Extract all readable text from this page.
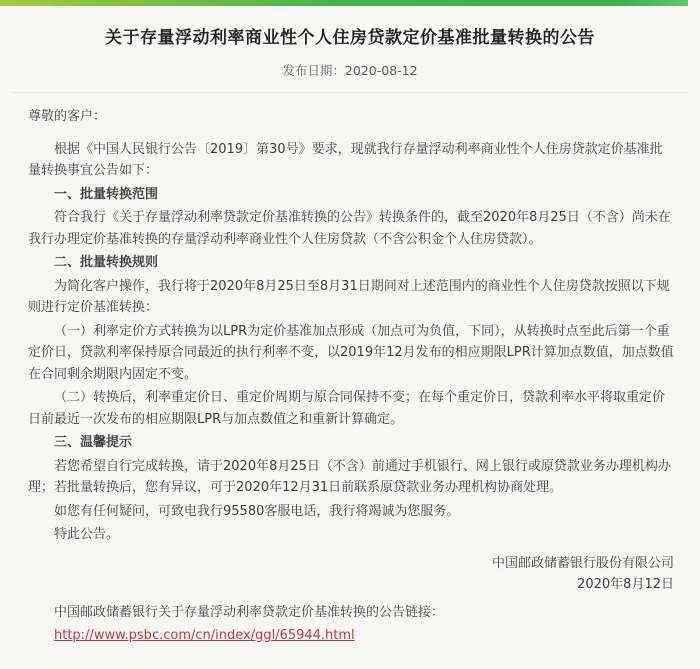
关于存量浮动利率商业性个人住房贷款定价基准批量转换的公告
发布日期：2020-08-12

尊敬的客户：

根据《中国人民银行公告〔2019〕第30号》要求，现就我行存量浮动利率商业性个人住房贷款定价基准批量转换事宜公告如下：

一、批量转换范围

符合我行《关于存量浮动利率贷款定价基准转换的公告》转换条件的，截至2020年8月25日（不含）尚未在我行办理定价基准转换的存量浮动利率商业性个人住房贷款（不含公积金个人住房贷款）。

二、批量转换规则

为简化客户操作，我行将于2020年8月25日至8月31日期间对上述范围内的商业性个人住房贷款按照以下规则进行定价基准转换：

（一）利率定价方式转换为以LPR为定价基准加点形成（加点可为负值，下同），从转换时点至此后第一个重定价日，贷款利率保持原合同最近的执行利率不变，以2019年12月发布的相应期限LPR计算加点数值，加点数值在合同剩余期限内固定不变。

（二）转换后，利率重定价日、重定价周期与原合同保持不变；在每个重定价日，贷款利率水平将取重定价日前最近一次发布的相应期限LPR与加点数值之和重新计算确定。

三、温馨提示

若您希望自行完成转换，请于2020年8月25日（不含）前通过手机银行、网上银行或原贷款业务办理机构办理；若批量转换后，您有异议，可于2020年12月31日前联系原贷款业务办理机构协商处理。

如您有任何疑问，可致电我行95580客服电话，我行将竭诚为您服务。

特此公告。

中国邮政储蓄银行股份有限公司
2020年8月12日

中国邮政储蓄银行关于存量浮动利率贷款定价基准转换的公告链接：

http://www.psbc.com/cn/index/ggl/65944.html
